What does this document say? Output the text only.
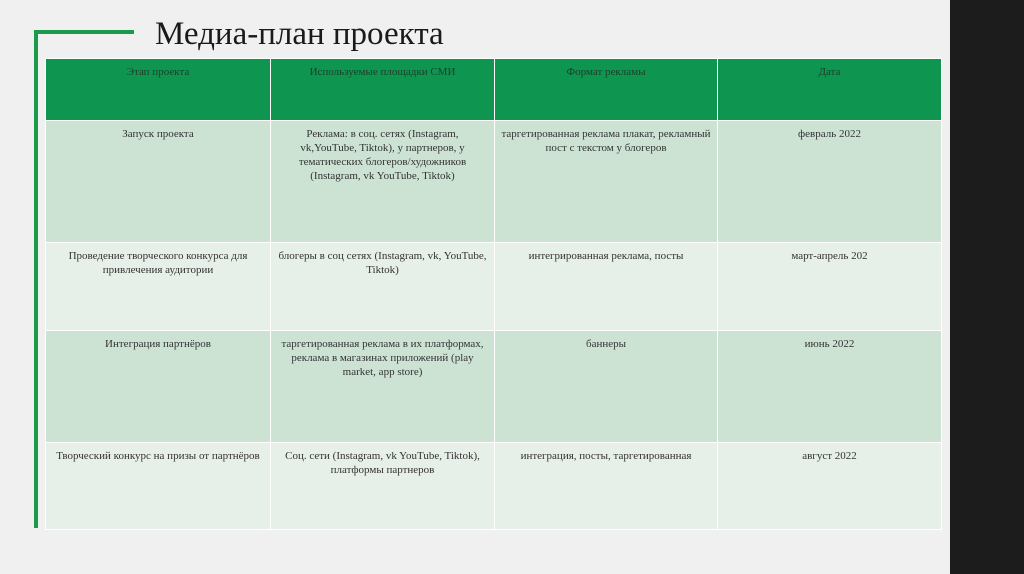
Медиа-план проекта
Этап проекта	Используемые площадки СМИ	Формат рекламы	Дата
Запуск проекта	Реклама: в соц. сетях (Instagram, vk,YouTube, Tiktok), у партнеров, у тематических блогеров/художников (Instagram, vk YouTube, Tiktok)	таргетированная реклама плакат, рекламный пост с текстом у блогеров	февраль 2022
Проведение творческого конкурса для привлечения аудитории	блогеры в соц сетях (Instagram, vk, YouTube, Tiktok)	интегрированная реклама, посты	март-апрель 202
Интеграция партнёров	таргетированная реклама в их платформах, реклама в магазинах приложений (play market, app store)	баннеры	июнь 2022
Творческий конкурс на призы от партнёров	Соц. сети (Instagram, vk YouTube, Tiktok), платформы партнеров	интеграция, посты, таргетированная	август 2022
